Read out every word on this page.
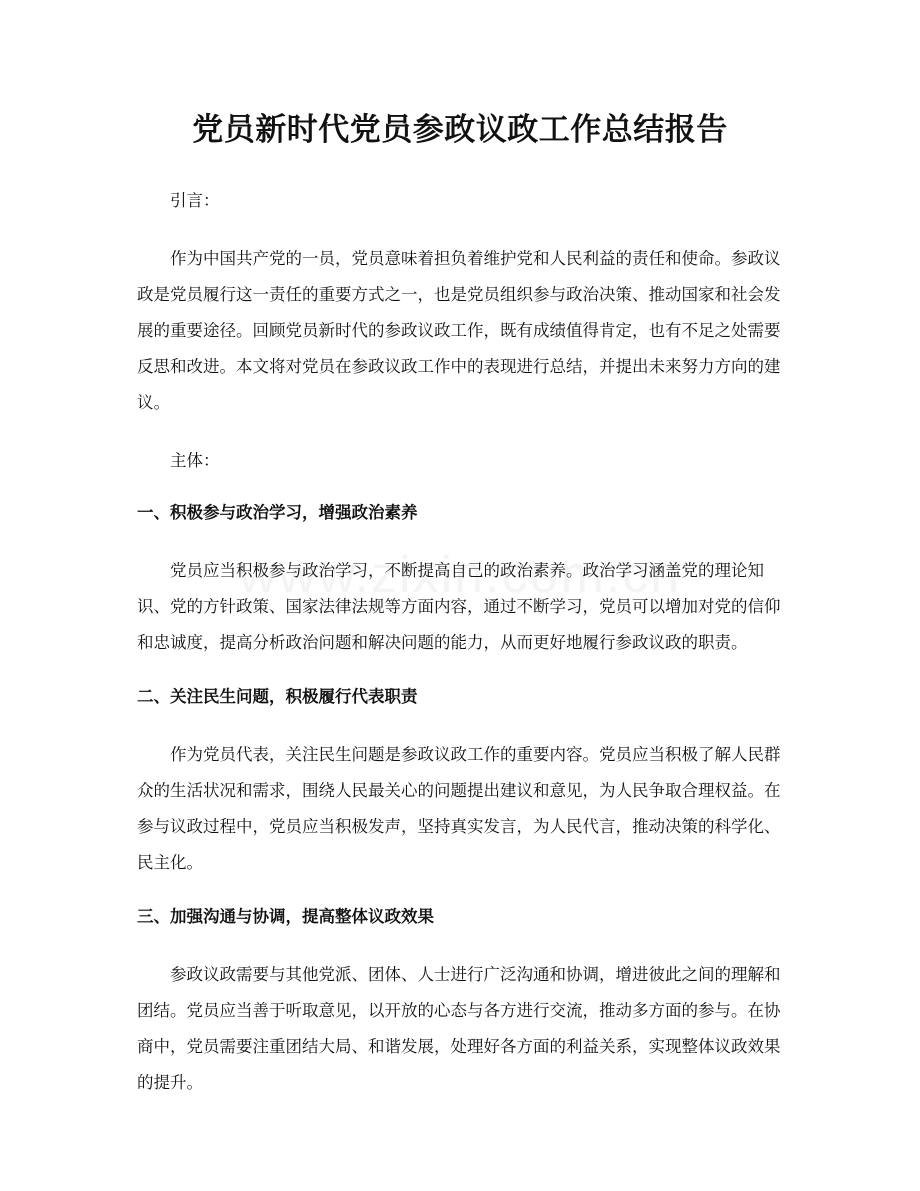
党员新时代党员参政议政工作总结报告

引言：

作为中国共产党的一员，党员意味着担负着维护党和人民利益的责任和使命。参政议政是党员履行这一责任的重要方式之一，也是党员组织参与政治决策、推动国家和社会发展的重要途径。回顾党员新时代的参政议政工作，既有成绩值得肯定，也有不足之处需要反思和改进。本文将对党员在参政议政工作中的表现进行总结，并提出未来努力方向的建议。

主体：

一、积极参与政治学习，增强政治素养

党员应当积极参与政治学习，不断提高自己的政治素养。政治学习涵盖党的理论知识、党的方针政策、国家法律法规等方面内容，通过不断学习，党员可以增加对党的信仰和忠诚度，提高分析政治问题和解决问题的能力，从而更好地履行参政议政的职责。

二、关注民生问题，积极履行代表职责

作为党员代表，关注民生问题是参政议政工作的重要内容。党员应当积极了解人民群众的生活状况和需求，围绕人民最关心的问题提出建议和意见，为人民争取合理权益。在参与议政过程中，党员应当积极发声，坚持真实发言，为人民代言，推动决策的科学化、民主化。

三、加强沟通与协调，提高整体议政效果

参政议政需要与其他党派、团体、人士进行广泛沟通和协调，增进彼此之间的理解和团结。党员应当善于听取意见，以开放的心态与各方进行交流，推动多方面的参与。在协商中，党员需要注重团结大局、和谐发展，处理好各方面的利益关系，实现整体议政效果的提升。
